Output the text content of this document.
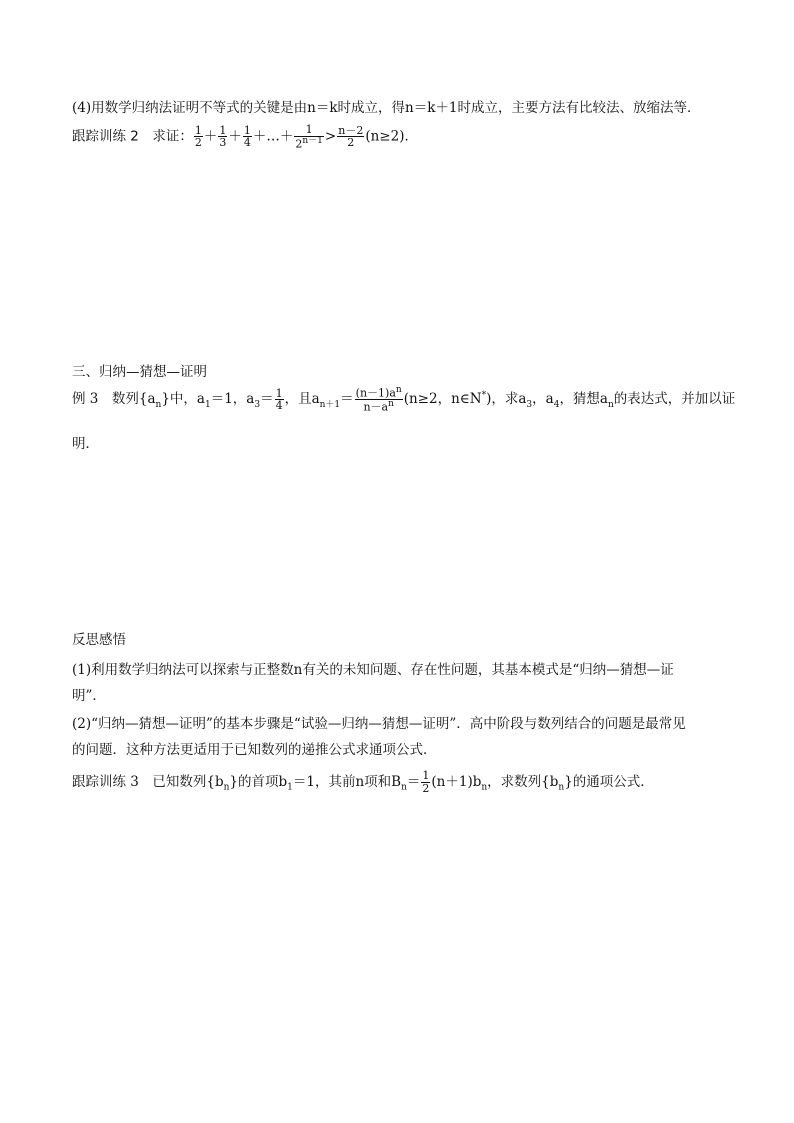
(4)用数学归纳法证明不等式的关键是由n＝k时成立，得n＝k＋1时成立，主要方法有比较法、放缩法等．
跟踪训练 2　求证： $\frac{1}{2} + \frac{1}{3} + \frac{1}{4}$ ＋…＋ $\frac{1}{2^{n-1}} > \frac{n-2}{2} (n\ge 2)$．
三、归纳—猜想—证明
例 3　数列$\{a_n\}$中，$a_1=1$，$a_3= \frac{1}{4}$ ，且$a_{n+1}= \frac{(n-1)a^n}{n-a^n} (n\ge 2$，n∈N*)，求$a_3$，$a_4$，猜想$a_n$的表达式，并加以证
明．
反思感悟
(1)利用数学归纳法可以探索与正整数n有关的未知问题、存在性问题，其基本模式是“归纳—猜想—证
明”．
(2)“归纳—猜想—证明”的基本步骤是“试验—归纳—猜想—证明”．高中阶段与数列结合的问题是最常见
的问题．这种方法更适用于已知数列的递推公式求通项公式．
跟踪训练 3　已知数列$\{b_n\}$的首项$b_1=1$，其前n项和$B_n= \frac{1}{2} (n+1)b_n$，求数列$\{b_n\}$的通项公式．
